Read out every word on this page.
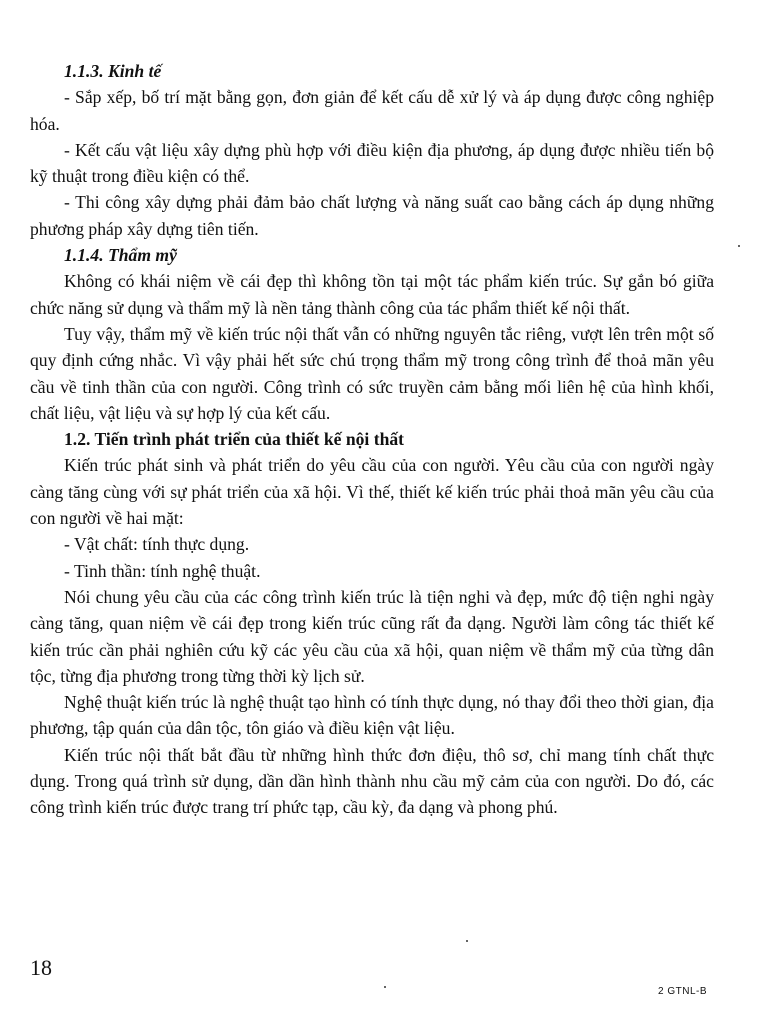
1.1.3. Kinh tế

- Sắp xếp, bố trí mặt bằng gọn, đơn giản để kết cấu dễ xử lý và áp dụng được công nghiệp hóa.

- Kết cấu vật liệu xây dựng phù hợp với điều kiện địa phương, áp dụng được nhiều tiến bộ kỹ thuật trong điều kiện có thể.

- Thi công xây dựng phải đảm bảo chất lượng và năng suất cao bằng cách áp dụng những phương pháp xây dựng tiên tiến.

1.1.4. Thẩm mỹ

Không có khái niệm về cái đẹp thì không tồn tại một tác phẩm kiến trúc. Sự gắn bó giữa chức năng sử dụng và thẩm mỹ là nền tảng thành công của tác phẩm thiết kế nội thất.

Tuy vậy, thẩm mỹ về kiến trúc nội thất vẫn có những nguyên tắc riêng, vượt lên trên một số quy định cứng nhắc. Vì vậy phải hết sức chú trọng thẩm mỹ trong công trình để thoả mãn yêu cầu về tinh thần của con người. Công trình có sức truyền cảm bằng mối liên hệ của hình khối, chất liệu, vật liệu và sự hợp lý của kết cấu.

1.2. Tiến trình phát triển của thiết kế nội thất

Kiến trúc phát sinh và phát triển do yêu cầu của con người. Yêu cầu của con người ngày càng tăng cùng với sự phát triển của xã hội. Vì thế, thiết kế kiến trúc phải thoả mãn yêu cầu của con người về hai mặt:

- Vật chất: tính thực dụng.

- Tinh thần: tính nghệ thuật.

Nói chung yêu cầu của các công trình kiến trúc là tiện nghi và đẹp, mức độ tiện nghi ngày càng tăng, quan niệm về cái đẹp trong kiến trúc cũng rất đa dạng. Người làm công tác thiết kế kiến trúc cần phải nghiên cứu kỹ các yêu cầu của xã hội, quan niệm về thẩm mỹ của từng dân tộc, từng địa phương trong từng thời kỳ lịch sử.

Nghệ thuật kiến trúc là nghệ thuật tạo hình có tính thực dụng, nó thay đổi theo thời gian, địa phương, tập quán của dân tộc, tôn giáo và điều kiện vật liệu.

Kiến trúc nội thất bắt đầu từ những hình thức đơn điệu, thô sơ, chỉ mang tính chất thực dụng. Trong quá trình sử dụng, dần dần hình thành nhu cầu mỹ cảm của con người. Do đó, các công trình kiến trúc được trang trí phức tạp, cầu kỳ, đa dạng và phong phú.

18
2 GTNL-B
